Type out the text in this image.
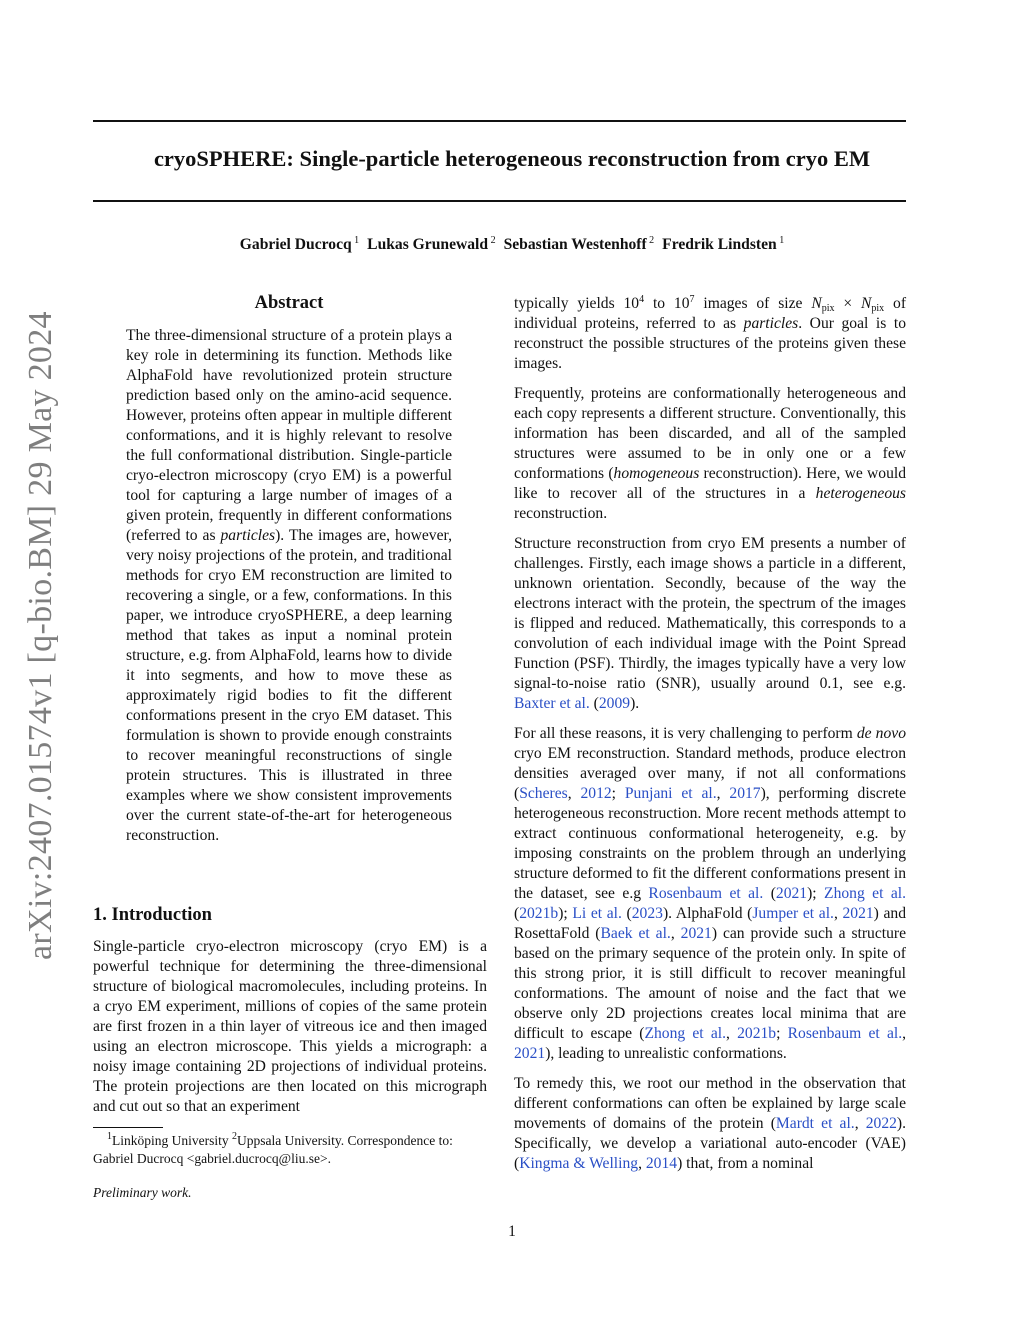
arXiv:2407.01574v1 [q-bio.BM] 29 May 2024
cryoSPHERE: Single-particle heterogeneous reconstruction from cryo EM
Gabriel Ducrocq $^1$ Lukas Grunewald $^2$ Sebastian Westenhoff $^2$ Fredrik Lindsten $^1$
Abstract

The three-dimensional structure of a protein plays a key role in determining its function. Methods like AlphaFold have revolutionized protein structure prediction based only on the amino-acid sequence. However, proteins often appear in multiple different conformations, and it is highly relevant to resolve the full conformational distribution. Single-particle cryo-electron microscopy (cryo EM) is a powerful tool for capturing a large number of images of a given protein, frequently in different conformations (referred to as particles). The images are, however, very noisy projections of the protein, and traditional methods for cryo EM reconstruction are limited to recovering a single, or a few, conformations. In this paper, we introduce cryoSPHERE, a deep learning method that takes as input a nominal protein structure, e.g. from AlphaFold, learns how to divide it into segments, and how to move these as approximately rigid bodies to fit the different conformations present in the cryo EM dataset. This formulation is shown to provide enough constraints to recover meaningful reconstructions of single protein structures. This is illustrated in three examples where we show consistent improvements over the current state-of-the-art for heterogeneous reconstruction.

1. Introduction

Single-particle cryo-electron microscopy (cryo EM) is a powerful technique for determining the three-dimensional structure of biological macromolecules, including proteins. In a cryo EM experiment, millions of copies of the same protein are first frozen in a thin layer of vitreous ice and then imaged using an electron microscope. This yields a micrograph: a noisy image containing 2D projections of individual proteins. The protein projections are then located on this micrograph and cut out so that an experiment

$^1$Linköping University $^2$Uppsala University. Correspondence to: Gabriel Ducrocq <gabriel.ducrocq@liu.se>.

Preliminary work.

typically yields $10^4$ to $10^7$ images of size $N_{pix} \times N_{pix}$ of individual proteins, referred to as particles. Our goal is to reconstruct the possible structures of the proteins given these images.

Frequently, proteins are conformationally heterogeneous and each copy represents a different structure. Conventionally, this information has been discarded, and all of the sampled structures were assumed to be in only one or a few conformations (homogeneous reconstruction). Here, we would like to recover all of the structures in a heterogeneous reconstruction.

Structure reconstruction from cryo EM presents a number of challenges. Firstly, each image shows a particle in a different, unknown orientation. Secondly, because of the way the electrons interact with the protein, the spectrum of the images is flipped and reduced. Mathematically, this corresponds to a convolution of each individual image with the Point Spread Function (PSF). Thirdly, the images typically have a very low signal-to-noise ratio (SNR), usually around 0.1, see e.g. Baxter et al. (2009).

For all these reasons, it is very challenging to perform de novo cryo EM reconstruction. Standard methods, produce electron densities averaged over many, if not all conformations (Scheres, 2012; Punjani et al., 2017), performing discrete heterogeneous reconstruction. More recent methods attempt to extract continuous conformational heterogeneity, e.g. by imposing constraints on the problem through an underlying structure deformed to fit the different conformations present in the dataset, see e.g Rosenbaum et al. (2021); Zhong et al. (2021b); Li et al. (2023). AlphaFold (Jumper et al., 2021) and RosettaFold (Baek et al., 2021) can provide such a structure based on the primary sequence of the protein only. In spite of this strong prior, it is still difficult to recover meaningful conformations. The amount of noise and the fact that we observe only 2D projections creates local minima that are difficult to escape (Zhong et al., 2021b; Rosenbaum et al., 2021), leading to unrealistic conformations.

To remedy this, we root our method in the observation that different conformations can often be explained by large scale movements of domains of the protein (Mardt et al., 2022). Specifically, we develop a variational auto-encoder (VAE) (Kingma & Welling, 2014) that, from a nominal

1
